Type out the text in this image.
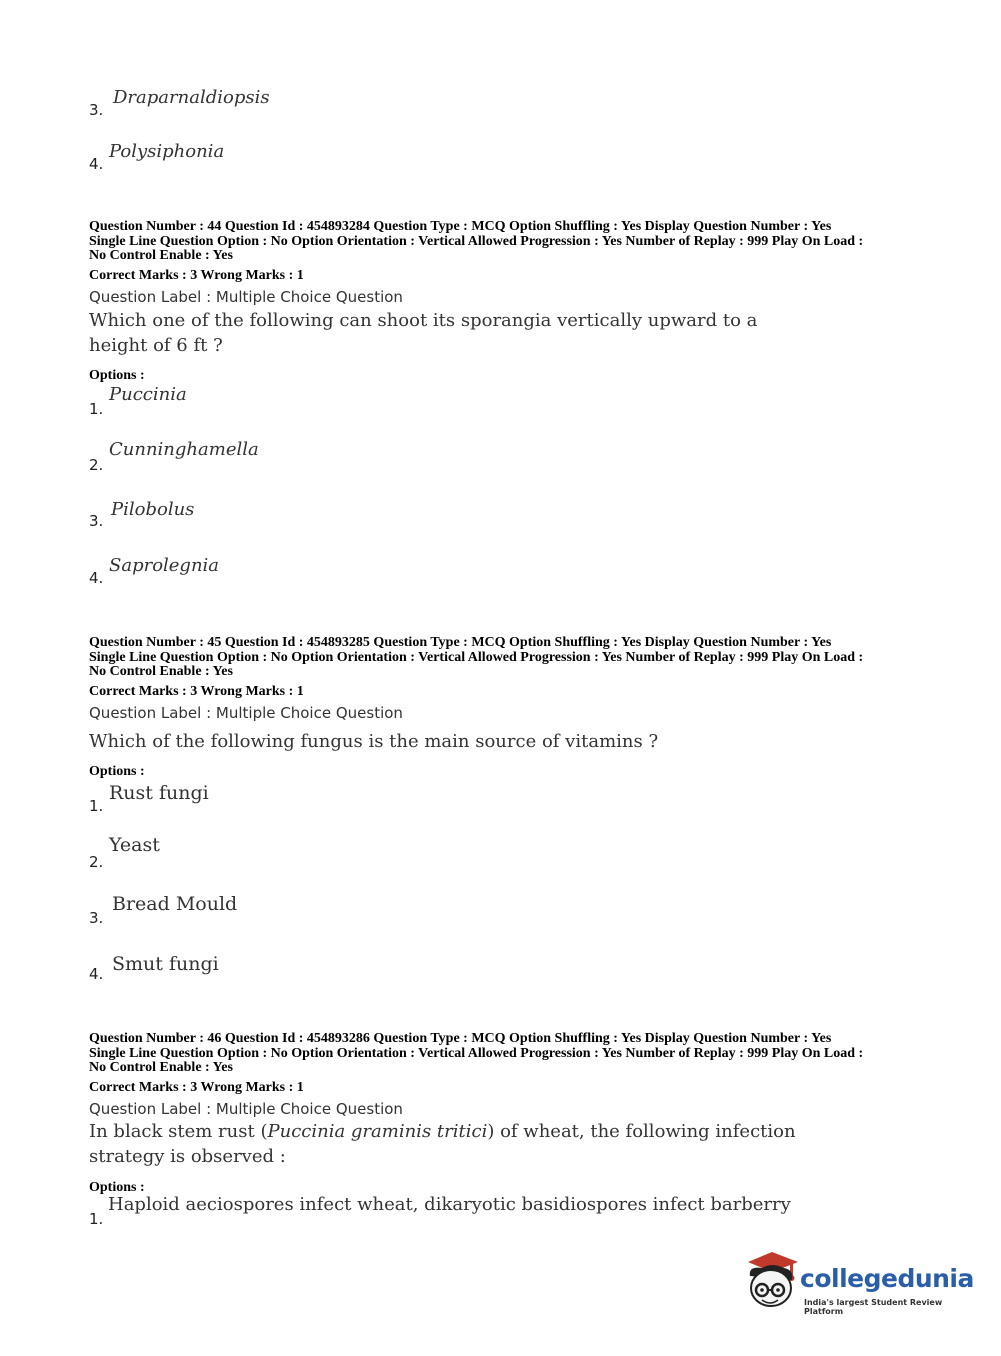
3.
Draparnaldiopsis
4.
Polysiphonia
Question Number : 44 Question Id : 454893284 Question Type : MCQ Option Shuffling : Yes Display Question Number : Yes
Single Line Question Option : No Option Orientation : Vertical Allowed Progression : Yes Number of Replay : 999 Play On Load :
No Control Enable : Yes
Correct Marks : 3 Wrong Marks : 1
Question Label : Multiple Choice Question
Which one of the following can shoot its sporangia vertically upward to a
height of 6 ft ?
Options :
1.
Puccinia
2.
Cunninghamella
3.
Pilobolus
4.
Saprolegnia
Question Number : 45 Question Id : 454893285 Question Type : MCQ Option Shuffling : Yes Display Question Number : Yes
Single Line Question Option : No Option Orientation : Vertical Allowed Progression : Yes Number of Replay : 999 Play On Load :
No Control Enable : Yes
Correct Marks : 3 Wrong Marks : 1
Question Label : Multiple Choice Question
Which of the following fungus is the main source of vitamins ?
Options :
1.
Rust fungi
2.
Yeast
3.
Bread Mould
4. Smut fungi
Question Number : 46 Question Id : 454893286 Question Type : MCQ Option Shuffling : Yes Display Question Number : Yes
Single Line Question Option : No Option Orientation : Vertical Allowed Progression : Yes Number of Replay : 999 Play On Load :
No Control Enable : Yes
Correct Marks : 3 Wrong Marks : 1
Question Label : Multiple Choice Question
In black stem rust (Puccinia graminis tritici) of wheat, the following infection
strategy is observed :
Options :
1.
Haploid aeciospores infect wheat, dikaryotic basidiospores infect barberry
collegedunia
India's largest Student Review Platform
